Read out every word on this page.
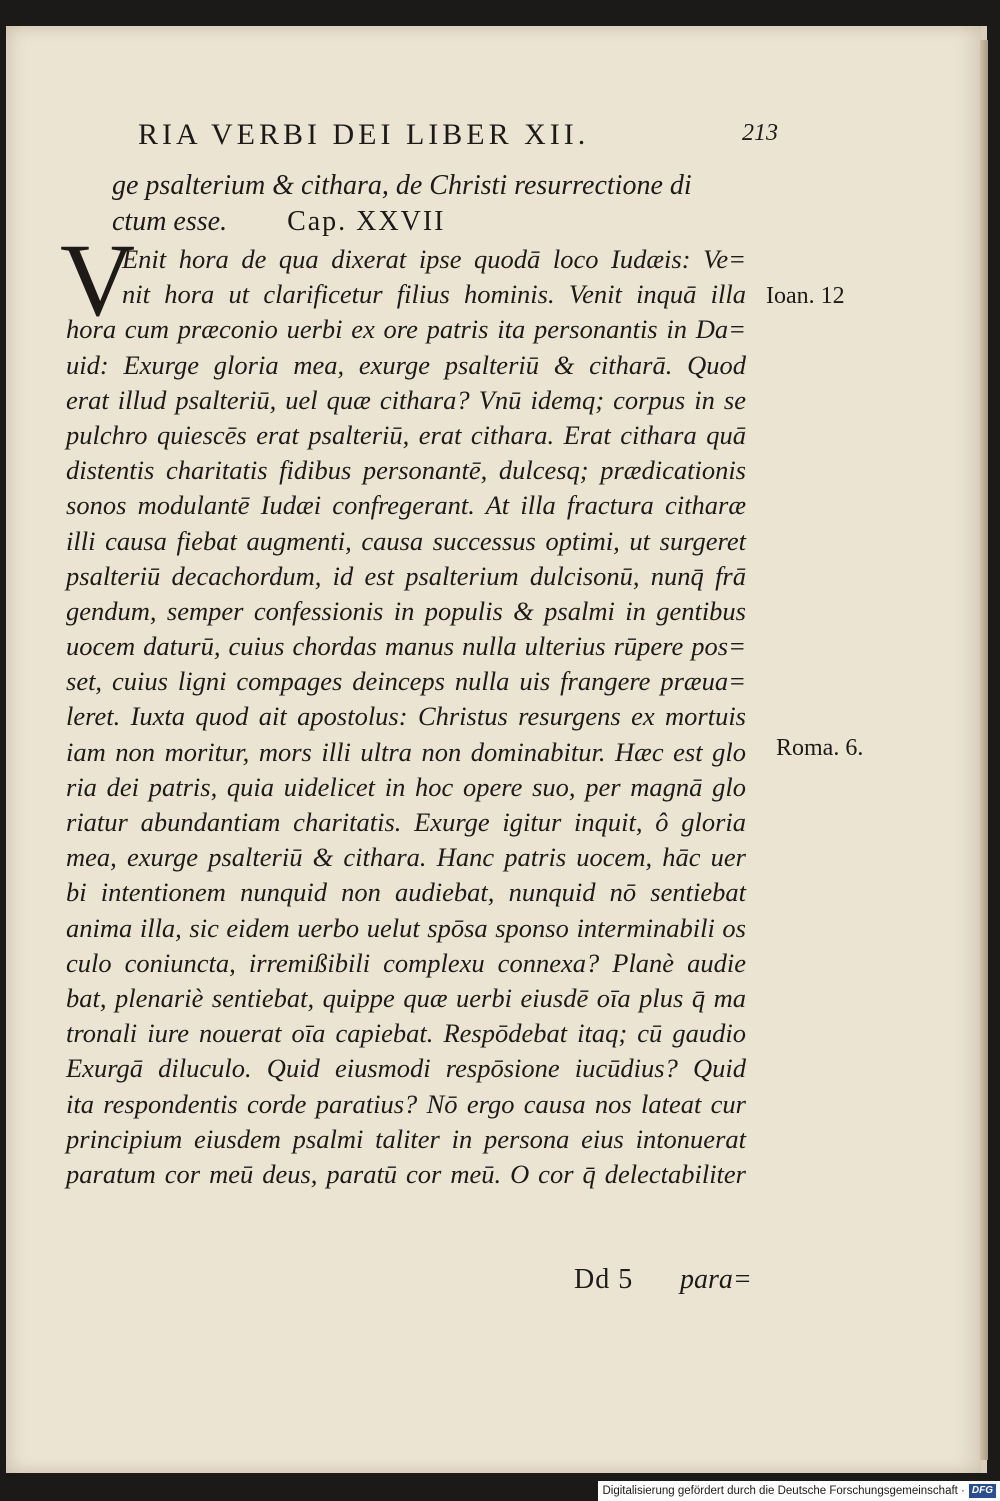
RIA VERBI DEI LIBER XII.	213
ge psalterium & cithara, de Christi resurrectione di
ctum esse. Cap. XXVII
V
Enit hora de qua dixerat ipse quodā loco Iudæis: Ve=
nit hora ut clarificetur filius hominis. Venit inquā illa
hora cum præconio uerbi ex ore patris ita personantis in Da=
uid: Exurge gloria mea, exurge psalteriū & citharā. Quod
erat illud psalteriū, uel quæ cithara? Vnū idemq; corpus in se
pulchro quiescēs erat psalteriū, erat cithara. Erat cithara quā
distentis charitatis fidibus personantē, dulcesq; prædicationis
sonos modulantē Iudæi confregerant. At illa fractura citharæ
illi causa fiebat augmenti, causa successus optimi, ut surgeret
psalteriū decachordum, id est psalterium dulcisonū, nunq̄ frā
gendum, semper confessionis in populis & psalmi in gentibus
uocem daturū, cuius chordas manus nulla ulterius rūpere pos=
set, cuius ligni compages deinceps nulla uis frangere præua=
leret. Iuxta quod ait apostolus: Christus resurgens ex mortuis
iam non moritur, mors illi ultra non dominabitur. Hæc est glo
ria dei patris, quia uidelicet in hoc opere suo, per magnā glo
riatur abundantiam charitatis. Exurge igitur inquit, ô gloria
mea, exurge psalteriū & cithara. Hanc patris uocem, hāc uer
bi intentionem nunquid non audiebat, nunquid nō sentiebat
anima illa, sic eidem uerbo uelut spōsa sponso interminabili os
culo coniuncta, irremißibili complexu connexa? Planè audie
bat, plenariè sentiebat, quippe quæ uerbi eiusdē oīa plus q̄ ma
tronali iure nouerat oīa capiebat. Respōdebat itaq; cū gaudio
Exurgā diluculo. Quid eiusmodi respōsione iucūdius? Quid
ita respondentis corde paratius? Nō ergo causa nos lateat cur
principium eiusdem psalmi taliter in persona eius intonuerat
paratum cor meū deus, paratū cor meū. O cor q̄ delectabiliter
Ioan. 12
Roma. 6.
Dd 5 para=
Digitalisierung gefördert durch die Deutsche Forschungsgemeinschaft · DFG
